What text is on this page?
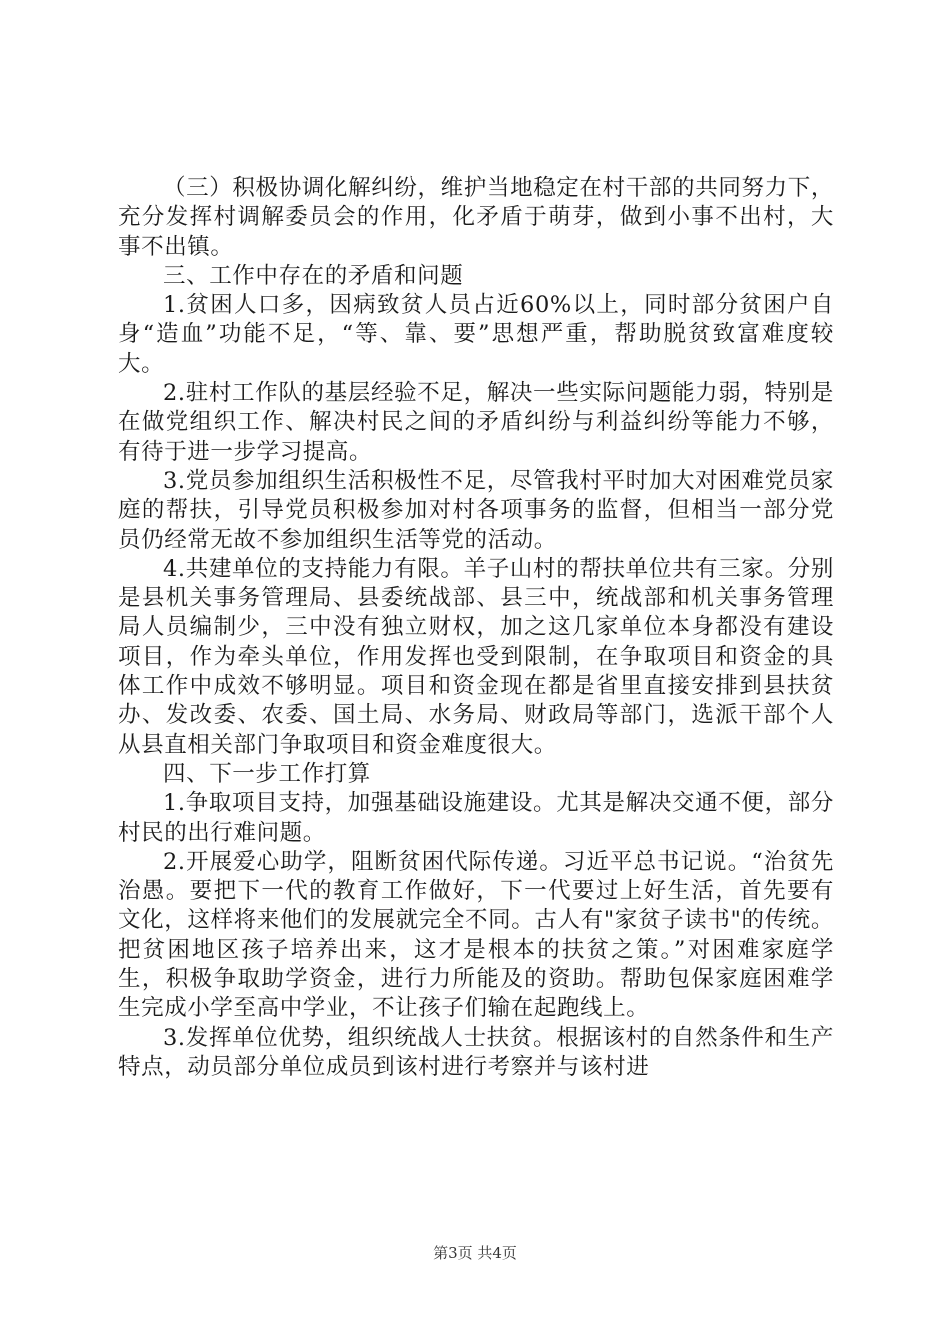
（三）积极协调化解纠纷，维护当地稳定在村干部的共同努力下，充分发挥村调解委员会的作用，化矛盾于萌芽，做到小事不出村，大事不出镇。

三、工作中存在的矛盾和问题

1.贫困人口多，因病致贫人员占近60%以上，同时部分贫困户自身“造血”功能不足，“等、靠、要”思想严重，帮助脱贫致富难度较大。

2.驻村工作队的基层经验不足，解决一些实际问题能力弱，特别是在做党组织工作、解决村民之间的矛盾纠纷与利益纠纷等能力不够，有待于进一步学习提高。

3.党员参加组织生活积极性不足，尽管我村平时加大对困难党员家庭的帮扶，引导党员积极参加对村各项事务的监督，但相当一部分党员仍经常无故不参加组织生活等党的活动。

4.共建单位的支持能力有限。羊子山村的帮扶单位共有三家。分别是县机关事务管理局、县委统战部、县三中，统战部和机关事务管理局人员编制少，三中没有独立财权，加之这几家单位本身都没有建设项目，作为牵头单位，作用发挥也受到限制，在争取项目和资金的具体工作中成效不够明显。项目和资金现在都是省里直接安排到县扶贫办、发改委、农委、国土局、水务局、财政局等部门，选派干部个人从县直相关部门争取项目和资金难度很大。

四、下一步工作打算

1.争取项目支持，加强基础设施建设。尤其是解决交通不便，部分村民的出行难问题。

2.开展爱心助学，阻断贫困代际传递。习近平总书记说。“治贫先治愚。要把下一代的教育工作做好，下一代要过上好生活，首先要有文化，这样将来他们的发展就完全不同。古人有"家贫子读书"的传统。把贫困地区孩子培养出来，这才是根本的扶贫之策。”对困难家庭学生，积极争取助学资金，进行力所能及的资助。帮助包保家庭困难学生完成小学至高中学业，不让孩子们输在起跑线上。

3.发挥单位优势，组织统战人士扶贫。根据该村的自然条件和生产特点，动员部分单位成员到该村进行考察并与该村进

第3页 共4页
